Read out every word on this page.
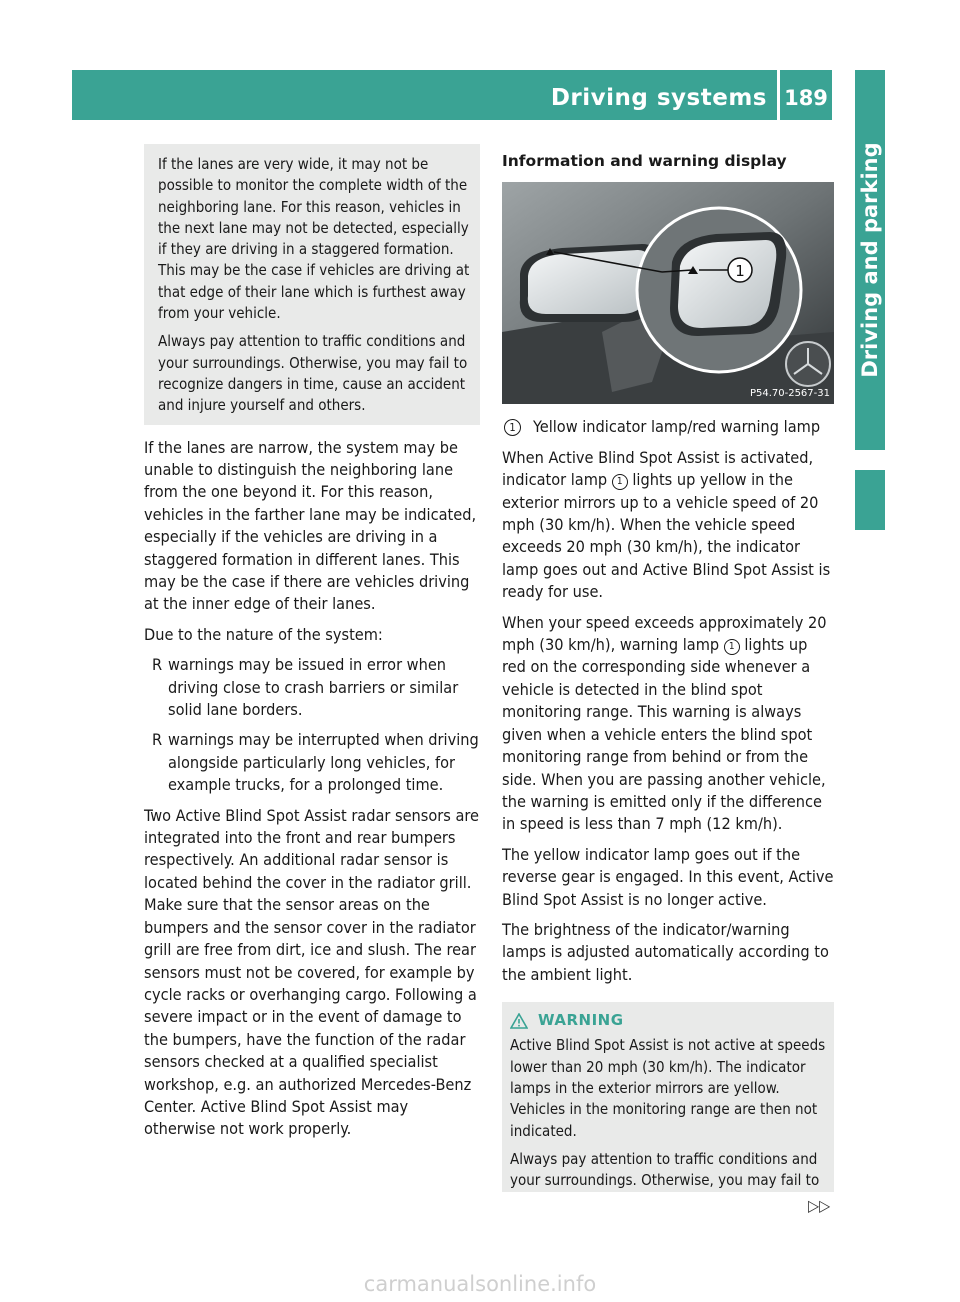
Driving systems 189
Driving and parking

If the lanes are very wide, it may not be possible to monitor the complete width of the neighboring lane. For this reason, vehicles in the next lane may not be detected, especially if they are driving in a staggered formation. This may be the case if vehicles are driving at that edge of their lane which is furthest away from your vehicle.

Always pay attention to traffic conditions and your surroundings. Otherwise, you may fail to recognize dangers in time, cause an accident and injure yourself and others.

If the lanes are narrow, the system may be unable to distinguish the neighboring lane from the one beyond it. For this reason, vehicles in the farther lane may be indicated, especially if the vehicles are driving in a staggered formation in different lanes. This may be the case if there are vehicles driving at the inner edge of their lanes.

Due to the nature of the system:

R warnings may be issued in error when driving close to crash barriers or similar solid lane borders.
R warnings may be interrupted when driving alongside particularly long vehicles, for example trucks, for a prolonged time.

Two Active Blind Spot Assist radar sensors are integrated into the front and rear bumpers respectively. An additional radar sensor is located behind the cover in the radiator grill. Make sure that the sensor areas on the bumpers and the sensor cover in the radiator grill are free from dirt, ice and slush. The rear sensors must not be covered, for example by cycle racks or overhanging cargo. Following a severe impact or in the event of damage to the bumpers, have the function of the radar sensors checked at a qualified specialist workshop, e.g. an authorized Mercedes-Benz Center. Active Blind Spot Assist may otherwise not work properly.

Information and warning display
1
P54.70-2567-31
1	Yellow indicator lamp/red warning lamp

When Active Blind Spot Assist is activated, indicator lamp 1 lights up yellow in the exterior mirrors up to a vehicle speed of 20 mph (30 km/h). When the vehicle speed exceeds 20 mph (30 km/h), the indicator lamp goes out and Active Blind Spot Assist is ready for use.

When your speed exceeds approximately 20 mph (30 km/h), warning lamp 1 lights up red on the corresponding side whenever a vehicle is detected in the blind spot monitoring range. This warning is always given when a vehicle enters the blind spot monitoring range from behind or from the side. When you are passing another vehicle, the warning is emitted only if the difference in speed is less than 7 mph (12 km/h).

The yellow indicator lamp goes out if the reverse gear is engaged. In this event, Active Blind Spot Assist is no longer active.

The brightness of the indicator/warning lamps is adjusted automatically according to the ambient light.

WARNING

Active Blind Spot Assist is not active at speeds lower than 20 mph (30 km/h). The indicator lamps in the exterior mirrors are yellow. Vehicles in the monitoring range are then not indicated.

Always pay attention to traffic conditions and your surroundings. Otherwise, you may fail to

▷▷
carmanualsonline.info
